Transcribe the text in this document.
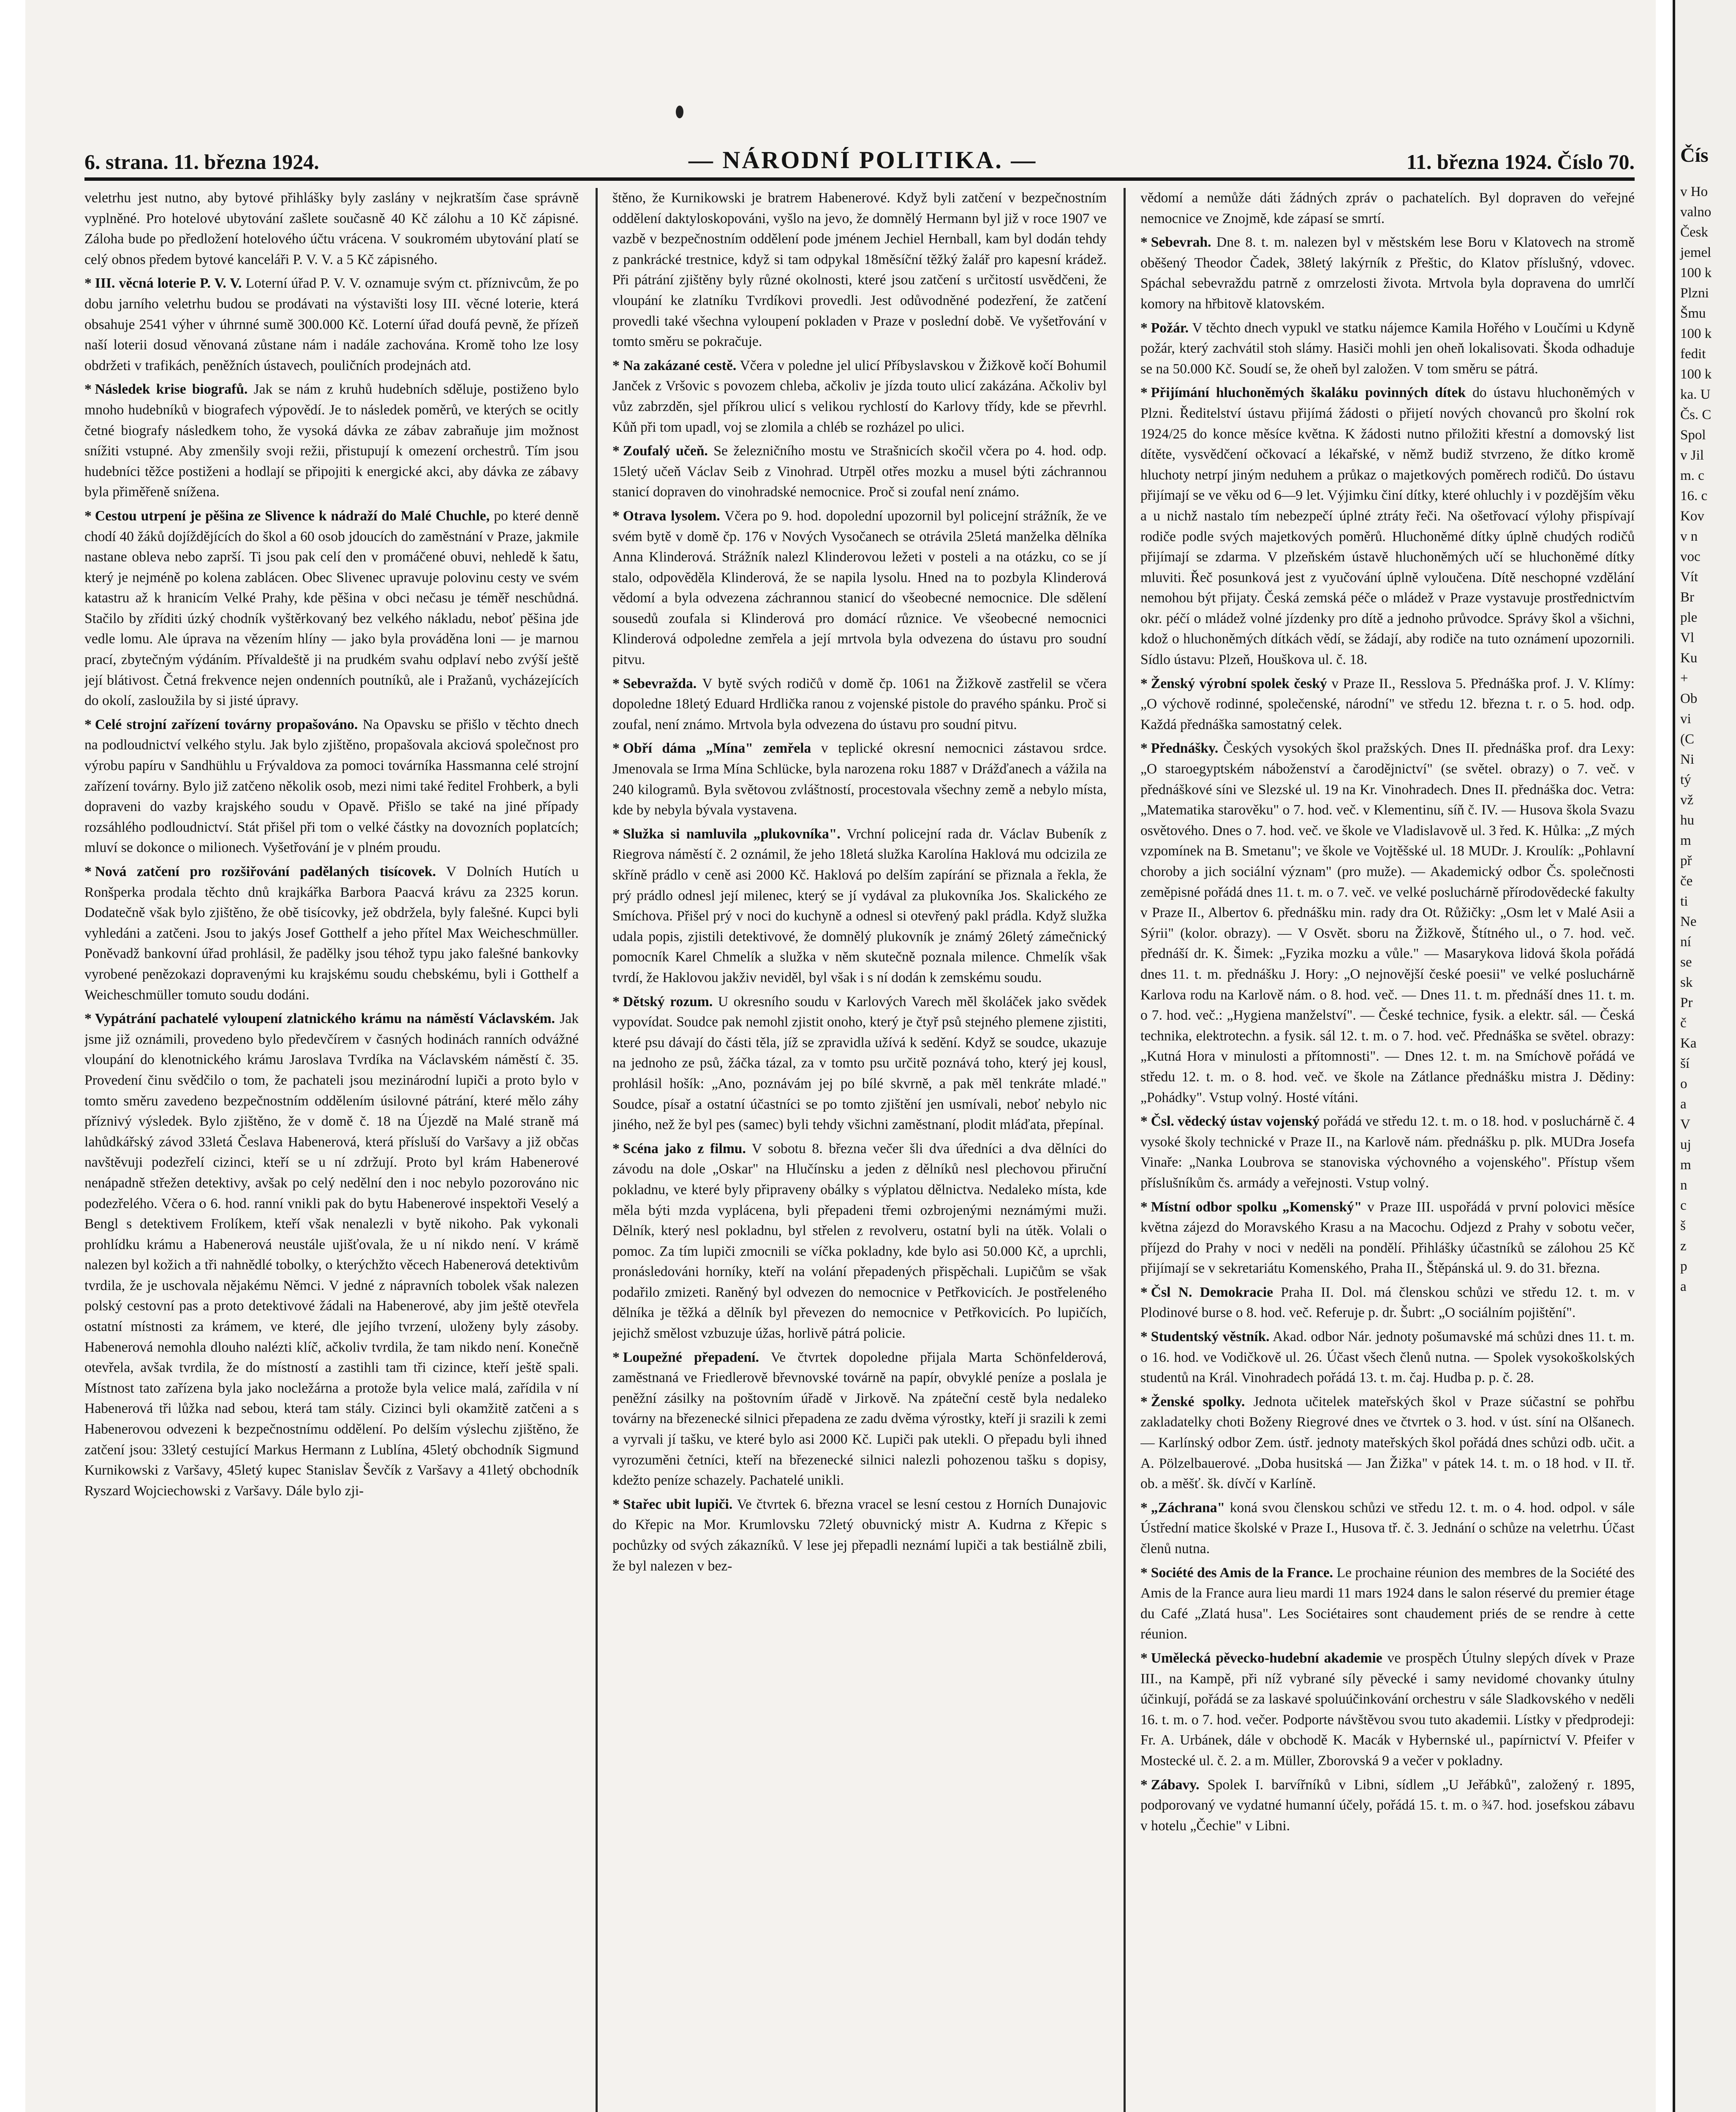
6. strana. 11. března 1924.	— NÁRODNÍ POLITIKA. —	11. března 1924. Číslo 70.

veletrhu jest nutno, aby bytové přihlášky byly zaslány v nejkratším čase správně vyplněné. Pro hotelové ubytování zašlete současně 40 Kč zálohu a 10 Kč zápisné. Záloha bude po předložení hotelového účtu vrácena. V soukromém ubytování platí se celý obnos předem bytové kanceláři P. V. V. a 5 Kč zápisného.

* III. věcná loterie P. V. V. Loterní úřad P. V. V. oznamuje svým ct. příznivcům, že po dobu jarního veletrhu budou se prodávati na výstavišti losy III. věcné loterie, která obsahuje 2541 výher v úhrnné sumě 300.000 Kč. Loterní úřad doufá pevně, že přízeň naší loterii dosud věnovaná zůstane nám i nadále zachována. Kromě toho lze losy obdržeti v trafikách, peněžních ústavech, pouličních prodejnách atd.

* Následek krise biografů. Jak se nám z kruhů hudebních sděluje, postiženo bylo mnoho hudebníků v biografech výpovědí. Je to následek poměrů, ve kterých se ocitly četné biografy následkem toho, že vysoká dávka ze zábav zabraňuje jim možnost snížiti vstupné. Aby zmenšily svoji režii, přistupují k omezení orchestrů. Tím jsou hudebníci těžce postiženi a hodlají se připojiti k energické akci, aby dávka ze zábavy byla přiměřeně snížena.

* Cestou utrpení je pěšina ze Slivence k nádraží do Malé Chuchle, po které denně chodí 40 žáků dojíždějících do škol a 60 osob jdoucích do zaměstnání v Praze, jakmile nastane obleva nebo zaprší. Ti jsou pak celí den v promáčené obuvi, nehledě k šatu, který je nejméně po kolena zablácen. Obec Slivenec upravuje polovinu cesty ve svém katastru až k hranicím Velké Prahy, kde pěšina v obci nečasu je téměř neschůdná. Stačilo by zříditi úzký chodník vyštěrkovaný bez velkého nákladu, neboť pěšina jde vedle lomu. Ale úprava na vězením hlíny — jako byla prováděna loni — je marnou prací, zbytečným výdáním. Přívaldeště ji na prudkém svahu odplaví nebo zvýší ještě její blátivost. Četná frekvence nejen ondenních poutníků, ale i Pražanů, vycházejících do okolí, zasloužila by si jisté úpravy.

* Celé strojní zařízení továrny propašováno. Na Opavsku se přišlo v těchto dnech na podloudnictví velkého stylu. Jak bylo zjištěno, propašovala akciová společnost pro výrobu papíru v Sandhühlu u Frývaldova za pomoci továrníka Hassmanna celé strojní zařízení továrny. Bylo již zatčeno několik osob, mezi nimi také ředitel Frohberk, a byli dopraveni do vazby krajského soudu v Opavě. Přišlo se také na jiné případy rozsáhlého podloudnictví. Stát přišel při tom o velké částky na dovozních poplatcích; mluví se dokonce o milionech. Vyšetřování je v plném proudu.

* Nová zatčení pro rozšiřování padělaných tisícovek. V Dolních Hutích u Ronšperka prodala těchto dnů krajkářka Barbora Paacvá krávu za 2325 korun. Dodatečně však bylo zjištěno, že obě tisícovky, jež obdržela, byly falešné. Kupci byli vyhledáni a zatčeni. Jsou to jakýs Josef Gotthelf a jeho přítel Max Weicheschmüller. Poněvadž bankovní úřad prohlásil, že padělky jsou téhož typu jako falešné bankovky vyrobené penězokazi dopravenými ku krajskému soudu chebskému, byli i Gotthelf a Weicheschmüller tomuto soudu dodáni.

* Vypátrání pachatelé vyloupení zlatnického krámu na náměstí Václavském. Jak jsme již oznámili, provedeno bylo předevčírem v časných hodinách ranních odvážné vloupání do klenotnického krámu Jaroslava Tvrdíka na Václavském náměstí č. 35. Provedení činu svědčilo o tom, že pachateli jsou mezinárodní lupiči a proto bylo v tomto směru zavedeno bezpečnostním oddělením úsilovné pátrání, které mělo záhy příznivý výsledek. Bylo zjištěno, že v domě č. 18 na Újezdě na Malé straně má lahůdkářský závod 33letá Česlava Habenerová, která přísluší do Varšavy a již občas navštěvuji podezřelí cizinci, kteří se u ní zdržují. Proto byl krám Habenerové nenápadně střežen detektivy, avšak po celý nedělní den i noc nebylo pozorováno nic podezřelého. Včera o 6. hod. ranní vnikli pak do bytu Habenerové inspektoři Veselý a Bengl s detektivem Frolíkem, kteří však nenalezli v bytě nikoho. Pak vykonali prohlídku krámu a Habenerová neustále ujišťovala, že u ní nikdo není. V krámě nalezen byl kožich a tři nahnědlé tobolky, o kterýchžto věcech Habenerová detektivům tvrdila, že je uschovala nějakému Němci. V jedné z nápravních tobolek však nalezen polský cestovní pas a proto detektivové žádali na Habenerové, aby jim ještě otevřela ostatní místnosti za krámem, ve které, dle jejího tvrzení, uloženy byly zásoby. Habenerová nemohla dlouho nalézti klíč, ačkoliv tvrdila, že tam nikdo není. Konečně otevřela, avšak tvrdila, že do místností a zastihli tam tři cizince, kteří ještě spali. Místnost tato zařízena byla jako nocležárna a protože byla velice malá, zařídila v ní Habenerová tři lůžka nad sebou, která tam stály. Cizinci byli okamžitě zatčeni a s Habenerovou odvezeni k bezpečnostnímu oddělení. Po delším výslechu zjištěno, že zatčení jsou: 33letý cestující Markus Hermann z Lublína, 45letý obchodník Sigmund Kurnikowski z Varšavy, 45letý kupec Stanislav Ševčík z Varšavy a 41letý obchodník Ryszard Wojciechowski z Varšavy. Dále bylo zji-

štěno, že Kurnikowski je bratrem Habenerové. Když byli zatčení v bezpečnostním oddělení daktyloskopováni, vyšlo na jevo, že domnělý Hermann byl již v roce 1907 ve vazbě v bezpečnostním oddělení pode jménem Jechiel Hernball, kam byl dodán tehdy z pankrácké trestnice, když si tam odpykal 18měsíční těžký žalář pro kapesní krádež. Při pátrání zjištěny byly různé okolnosti, které jsou zatčení s určitostí usvědčeni, že vloupání ke zlatníku Tvrdíkovi provedli. Jest odůvodněné podezření, že zatčení provedli také všechna vyloupení pokladen v Praze v poslední době. Ve vyšetřování v tomto směru se pokračuje.

* Na zakázané cestě. Včera v poledne jel ulicí Příbyslavskou v Žižkově kočí Bohumil Janček z Vršovic s povozem chleba, ačkoliv je jízda touto ulicí zakázána. Ačkoliv byl vůz zabrzděn, sjel příkrou ulicí s velikou rychlostí do Karlovy třídy, kde se převrhl. Kůň při tom upadl, voj se zlomila a chléb se rozházel po ulici.

* Zoufalý učeň. Se železničního mostu ve Strašnicích skočil včera po 4. hod. odp. 15letý učeň Václav Seib z Vinohrad. Utrpěl otřes mozku a musel býti záchrannou stanicí dopraven do vinohradské nemocnice. Proč si zoufal není známo.

* Otrava lysolem. Včera po 9. hod. dopolední upozornil byl policejní strážník, že ve svém bytě v domě čp. 176 v Nových Vysočanech se otrávila 25letá manželka dělníka Anna Klinderová. Strážník nalezl Klinderovou ležeti v posteli a na otázku, co se jí stalo, odpověděla Klinderová, že se napila lysolu. Hned na to pozbyla Klinderová vědomí a byla odvezena záchrannou stanicí do všeobecné nemocnice. Dle sdělení sousedů zoufala si Klinderová pro domácí různice. Ve všeobecné nemocnici Klinderová odpoledne zemřela a její mrtvola byla odvezena do ústavu pro soudní pitvu.

* Sebevražda. V bytě svých rodičů v domě čp. 1061 na Žižkově zastřelil se včera dopoledne 18letý Eduard Hrdlička ranou z vojenské pistole do pravého spánku. Proč si zoufal, není známo. Mrtvola byla odvezena do ústavu pro soudní pitvu.

* Obří dáma „Mína" zemřela v teplické okresní nemocnici zástavou srdce. Jmenovala se Irma Mína Schlücke, byla narozena roku 1887 v Drážďanech a vážila na 240 kilogramů. Byla světovou zvláštností, procestovala všechny země a nebylo místa, kde by nebyla bývala vystavena.

* Služka si namluvila „plukovníka". Vrchní policejní rada dr. Václav Bubeník z Riegrova náměstí č. 2 oznámil, že jeho 18letá služka Karolína Haklová mu odcizila ze skříně prádlo v ceně asi 2000 Kč. Haklová po delším zapírání se přiznala a řekla, že prý prádlo odnesl její milenec, který se jí vydával za plukovníka Jos. Skalického ze Smíchova. Přišel prý v noci do kuchyně a odnesl si otevřený pakl prádla. Když služka udala popis, zjistili detektivové, že domnělý plukovník je známý 26letý zámečnický pomocník Karel Chmelík a služka v něm skutečně poznala milence. Chmelík však tvrdí, že Haklovou jakživ neviděl, byl však i s ní dodán k zemskému soudu.

* Dětský rozum. U okresního soudu v Karlových Varech měl školáček jako svědek vypovídat. Soudce pak nemohl zjistit onoho, který je čtyř psů stejného plemene zjistiti, které psu dávají do části těla, jíž se zpravidla užívá k sedění. Když se soudce, ukazuje na jednoho ze psů, žáčka tázal, za v tomto psu určitě poznává toho, který jej kousl, prohlásil hošík: „Ano, poznávám jej po bílé skvrně, a pak měl tenkráte mladé." Soudce, písař a ostatní účastníci se po tomto zjištění jen usmívali, neboť nebylo nic jiného, než že byl pes (samec) byli tehdy všichni zaměstnaní, plodit mláďata, přepínal.

* Scéna jako z filmu. V sobotu 8. března večer šli dva úředníci a dva dělníci do závodu na dole „Oskar" na Hlučínsku a jeden z dělníků nesl plechovou přiruční pokladnu, ve které byly připraveny obálky s výplatou dělnictva. Nedaleko místa, kde měla býti mzda vyplácena, byli přepadeni třemi ozbrojenými neznámými muži. Dělník, který nesl pokladnu, byl střelen z revolveru, ostatní byli na útěk. Volali o pomoc. Za tím lupiči zmocnili se víčka pokladny, kde bylo asi 50.000 Kč, a uprchli, pronásledováni horníky, kteří na volání přepadených přispěchali. Lupičům se však podařilo zmizeti. Raněný byl odvezen do nemocnice v Petřkovicích. Je postřeleného dělníka je těžká a dělník byl převezen do nemocnice v Petřkovicích. Po lupičích, jejichž smělost vzbuzuje úžas, horlivě pátrá policie.

* Loupežné přepadení. Ve čtvrtek dopoledne přijala Marta Schönfelderová, zaměstnaná ve Friedlerově břevnovské továrně na papír, obvyklé peníze a poslala je peněžní zásilky na poštovním úřadě v Jirkově. Na zpáteční cestě byla nedaleko továrny na březenecké silnici přepadena ze zadu dvěma výrostky, kteří ji srazili k zemi a vyrvali jí tašku, ve které bylo asi 2000 Kč. Lupiči pak utekli. O přepadu byli ihned vyrozuměni četníci, kteří na březenecké silnici nalezli pohozenou tašku s dopisy, kdežto peníze schazely. Pachatelé unikli.

* Stařec ubit lupiči. Ve čtvrtek 6. března vracel se lesní cestou z Horních Dunajovic do Křepic na Mor. Krumlovsku 72letý obuvnický mistr A. Kudrna z Křepic s pochůzky od svých zákazníků. V lese jej přepadli neznámí lupiči a tak bestiálně zbili, že byl nalezen v bez-

vědomí a nemůže dáti žádných zpráv o pachatelích. Byl dopraven do veřejné nemocnice ve Znojmě, kde zápasí se smrtí.

* Sebevrah. Dne 8. t. m. nalezen byl v městském lese Boru v Klatovech na stromě oběšený Theodor Čadek, 38letý lakýrník z Přeštic, do Klatov příslušný, vdovec. Spáchal sebevraždu patrně z omrzelosti života. Mrtvola byla dopravena do umrlčí komory na hřbitově klatovském.

* Požár. V těchto dnech vypukl ve statku nájemce Kamila Hořého v Loučími u Kdyně požár, který zachvátil stoh slámy. Hasiči mohli jen oheň lokalisovati. Škoda odhaduje se na 50.000 Kč. Soudí se, že oheň byl založen. V tom směru se pátrá.

* Přijímání hluchoněmých škaláku povinných dítek do ústavu hluchoněmých v Plzni. Ředitelství ústavu přijímá žádosti o přijetí nových chovanců pro školní rok 1924/25 do konce měsíce května. K žádosti nutno přiložiti křestní a domovský list dítěte, vysvědčení očkovací a lékařské, v němž budiž stvrzeno, že dítko kromě hluchoty netrpí jiným neduhem a průkaz o majetkových poměrech rodičů. Do ústavu přijímají se ve věku od 6—9 let. Výjimku činí dítky, které ohluchly i v pozdějším věku a u nichž nastalo tím nebezpečí úplné ztráty řeči. Na ošetřovací výlohy přispívají rodiče podle svých majetkových poměrů. Hluchoněmé dítky úplně chudých rodičů přijímají se zdarma. V plzeňském ústavě hluchoněmých učí se hluchoněmé dítky mluviti. Řeč posunková jest z vyučování úplně vyloučena. Dítě neschopné vzdělání nemohou být přijaty. Česká zemská péče o mládež v Praze vystavuje prostřednictvím okr. péčí o mládež volné jízdenky pro dítě a jednoho průvodce. Správy škol a všichni, kdož o hluchoněmých dítkách vědí, se žádají, aby rodiče na tuto oznámení upozornili. Sídlo ústavu: Plzeň, Houškova ul. č. 18.

* Ženský výrobní spolek český v Praze II., Resslova 5. Přednáška prof. J. V. Klímy: „O výchově rodinné, společenské, národní" ve středu 12. března t. r. o 5. hod. odp. Každá přednáška samostatný celek.

* Přednášky. Českých vysokých škol pražských. Dnes II. přednáška prof. dra Lexy: „O staroegyptském náboženství a čarodějnictví" (se světel. obrazy) o 7. več. v přednáškové síni ve Slezské ul. 19 na Kr. Vinohradech. Dnes II. přednáška doc. Vetra: „Matematika starověku" o 7. hod. več. v Klementinu, síň č. IV. — Husova škola Svazu osvětového. Dnes o 7. hod. več. ve škole ve Vladislavově ul. 3 řed. K. Hůlka: „Z mých vzpomínek na B. Smetanu"; ve škole ve Vojtěšské ul. 18 MUDr. J. Kroulík: „Pohlavní choroby a jich sociální význam" (pro muže). — Akademický odbor Čs. společnosti zeměpisné pořádá dnes 11. t. m. o 7. več. ve velké posluchárně přírodovědecké fakulty v Praze II., Albertov 6. přednášku min. rady dra Ot. Růžičky: „Osm let v Malé Asii a Sýrii" (kolor. obrazy). — V Osvět. sboru na Žižkově, Štítného ul., o 7. hod. več. přednáší dr. K. Šimek: „Fyzika mozku a vůle." — Masarykova lidová škola pořádá dnes 11. t. m. přednášku J. Hory: „O nejnovější české poesii" ve velké posluchárně Karlova rodu na Karlově nám. o 8. hod. več. — Dnes 11. t. m. přednáší dnes 11. t. m. o 7. hod. več.: „Hygiena manželství". — České technice, fysik. a elektr. sál. — Česká technika, elektrotechn. a fysik. sál 12. t. m. o 7. hod. več. Přednáška se světel. obrazy: „Kutná Hora v minulosti a přítomnosti". — Dnes 12. t. m. na Smíchově pořádá ve středu 12. t. m. o 8. hod. več. ve škole na Zátlance přednášku mistra J. Dědiny: „Pohádky". Vstup volný. Hosté vítáni.

* Čsl. vědecký ústav vojenský pořádá ve středu 12. t. m. o 18. hod. v posluchárně č. 4 vysoké školy technické v Praze II., na Karlově nám. přednášku p. plk. MUDra Josefa Vinaře: „Nanka Loubrova se stanoviska výchovného a vojenského". Přístup všem příslušníkům čs. armády a veřejnosti. Vstup volný.

* Místní odbor spolku „Komenský" v Praze III. uspořádá v první polovici měsíce května zájezd do Moravského Krasu a na Macochu. Odjezd z Prahy v sobotu večer, příjezd do Prahy v noci v neděli na pondělí. Přihlášky účastníků se zálohou 25 Kč přijímají se v sekretariátu Komenského, Praha II., Štěpánská ul. 9. do 31. března.

* Čsl N. Demokracie Praha II. Dol. má členskou schůzi ve středu 12. t. m. v Plodinové burse o 8. hod. več. Referuje p. dr. Šubrt: „O sociálním pojištění".

* Studentský věstník. Akad. odbor Nár. jednoty pošumavské má schůzi dnes 11. t. m. o 16. hod. ve Vodičkově ul. 26. Účast všech členů nutna. — Spolek vysokoškolských studentů na Král. Vinohradech pořádá 13. t. m. čaj. Hudba p. p. č. 28.

* Ženské spolky. Jednota učitelek mateřských škol v Praze súčastní se pohřbu zakladatelky choti Boženy Riegrové dnes ve čtvrtek o 3. hod. v úst. síní na Olšanech. — Karlínský odbor Zem. ústř. jednoty mateřských škol pořádá dnes schůzi odb. učit. a A. Pölzelbauerové. „Doba husitská — Jan Žižka" v pátek 14. t. m. o 18 hod. v II. tř. ob. a měšť. šk. dívčí v Karlíně.

* „Záchrana" koná svou členskou schůzi ve středu 12. t. m. o 4. hod. odpol. v sále Ústřední matice školské v Praze I., Husova tř. č. 3. Jednání o schůze na veletrhu. Účast členů nutna.

* Société des Amis de la France. Le prochaine réunion des membres de la Société des Amis de la France aura lieu mardi 11 mars 1924 dans le salon réservé du premier étage du Café „Zlatá husa". Les Sociétaires sont chaudement priés de se rendre à cette réunion.

* Umělecká pěvecko-hudební akademie ve prospěch Útulny slepých dívek v Praze III., na Kampě, při níž vybrané síly pěvecké i samy nevidomé chovanky útulny účinkují, pořádá se za laskavé spoluúčinkování orchestru v sále Sladkovského v neděli 16. t. m. o 7. hod. večer. Podporte návštěvou svou tuto akademii. Lístky v předprodeji: Fr. A. Urbánek, dále v obchodě K. Macák v Hybernské ul., papírnictví V. Pfeifer v Mostecké ul. č. 2. a m. Müller, Zborovská 9 a večer v pokladny.

* Zábavy. Spolek I. barvířníků v Libni, sídlem „U Jeřábků", založený r. 1895, podporovaný ve vydatné humanní účely, pořádá 15. t. m. o ¾7. hod. josefskou zábavu v hotelu „Čechie" v Libni.

Čís
v Ho
valno
Česk
jemel
100 k
Plzni
Šmu
100 k
fedit
100 k
ka. U
Čs. C
Spol
v Jil
m. c
16. c
Kov
v n
voc
Vít
Br
ple
Vl
Ku
+
Ob
vi
(C
Ni
tý
vž
hu
m
př
če
ti
Ne
ní
se
sk
Pr
č
Ka
ší
o
a
V
uj
m
n
c
š
z
p
a
